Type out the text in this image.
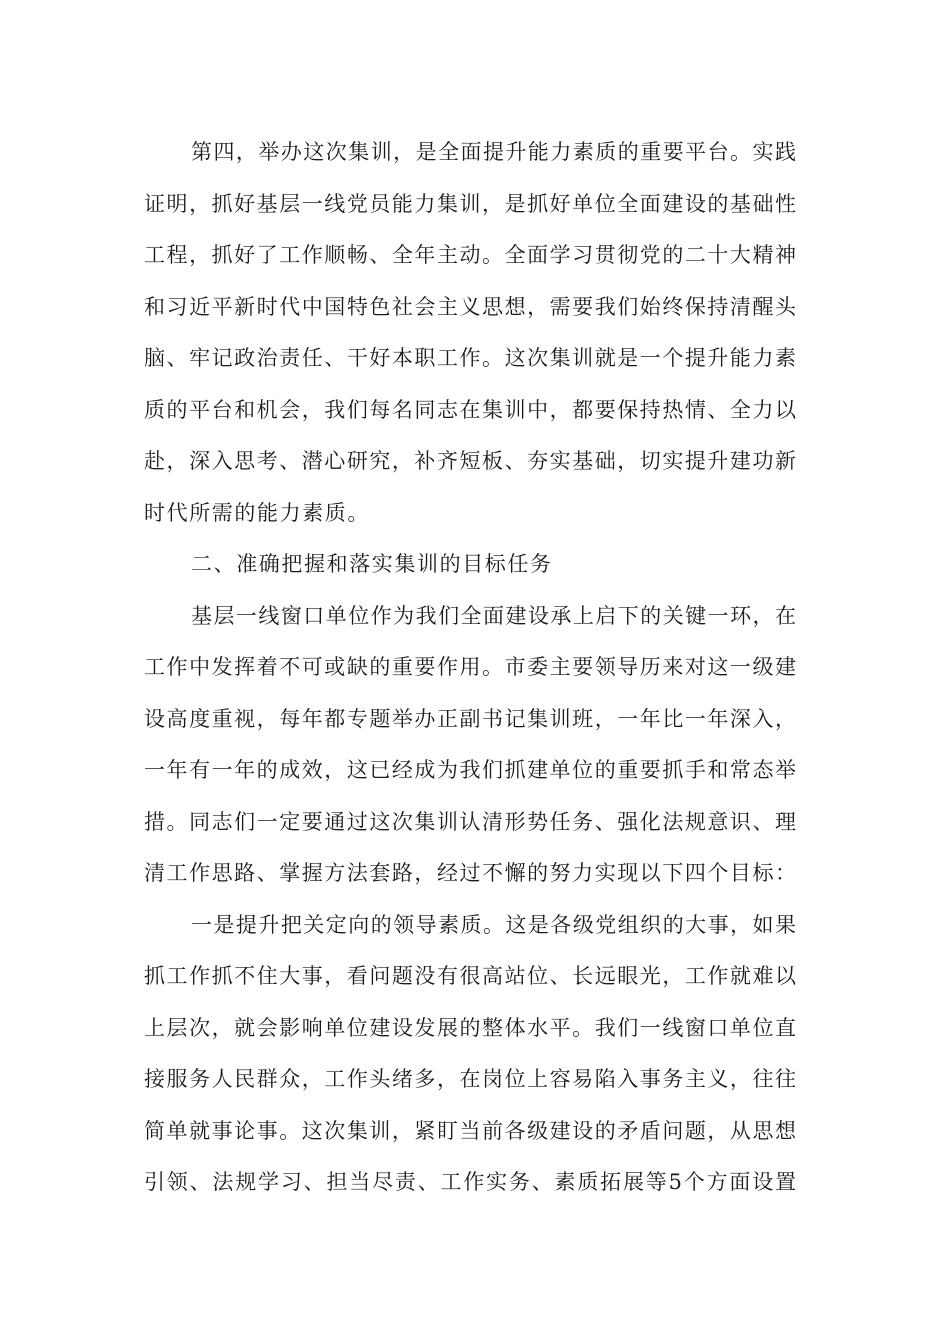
第四，举办这次集训，是全面提升能力素质的重要平台。实践
证明，抓好基层一线党员能力集训，是抓好单位全面建设的基础性
工程，抓好了工作顺畅、全年主动。全面学习贯彻党的二十大精神
和习近平新时代中国特色社会主义思想，需要我们始终保持清醒头
脑、牢记政治责任、干好本职工作。这次集训就是一个提升能力素
质的平台和机会，我们每名同志在集训中，都要保持热情、全力以
赴，深入思考、潜心研究，补齐短板、夯实基础，切实提升建功新
时代所需的能力素质。
二、准确把握和落实集训的目标任务
基层一线窗口单位作为我们全面建设承上启下的关键一环，在
工作中发挥着不可或缺的重要作用。市委主要领导历来对这一级建
设高度重视，每年都专题举办正副书记集训班，一年比一年深入，
一年有一年的成效，这已经成为我们抓建单位的重要抓手和常态举
措。同志们一定要通过这次集训认清形势任务、强化法规意识、理
清工作思路、掌握方法套路，经过不懈的努力实现以下四个目标：
一是提升把关定向的领导素质。这是各级党组织的大事，如果
抓工作抓不住大事，看问题没有很高站位、长远眼光，工作就难以
上层次，就会影响单位建设发展的整体水平。我们一线窗口单位直
接服务人民群众，工作头绪多，在岗位上容易陷入事务主义，往往
简单就事论事。这次集训，紧盯当前各级建设的矛盾问题，从思想
引领、法规学习、担当尽责、工作实务、素质拓展等5个方面设置
